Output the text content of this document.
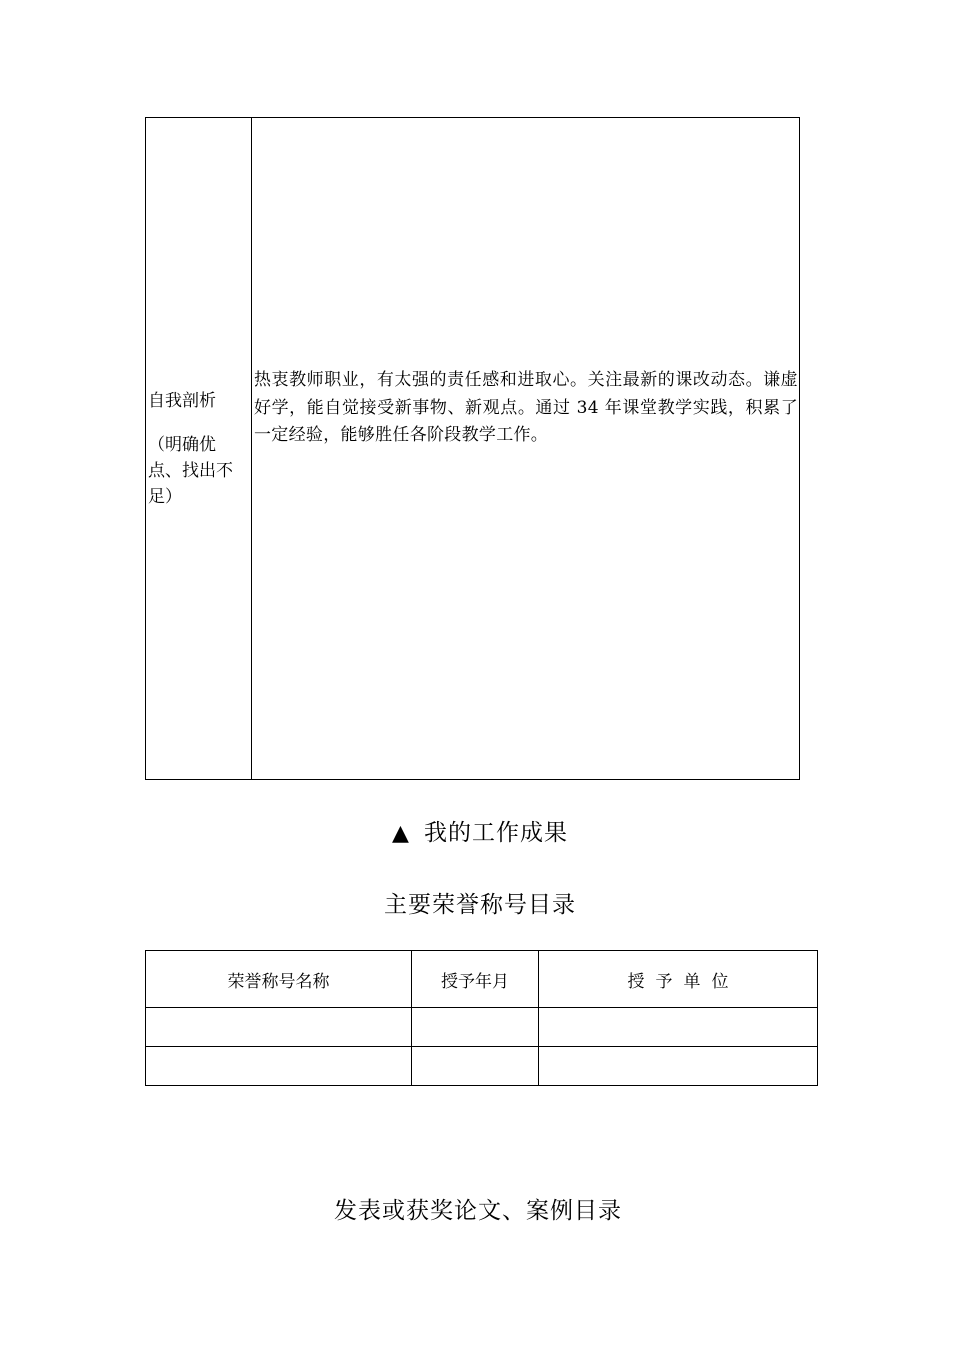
自我剖析
（明确优点、找出不足）

热衷教师职业，有太强的责任感和进取心。关注最新的课改动态。谦虚好学，能自觉接受新事物、新观点。通过 34 年课堂教学实践，积累了一定经验，能够胜任各阶段教学工作。

▲ 我的工作成果
主要荣誉称号目录
荣誉称号名称	授予年月	授予单位

发表或获奖论文、案例目录
